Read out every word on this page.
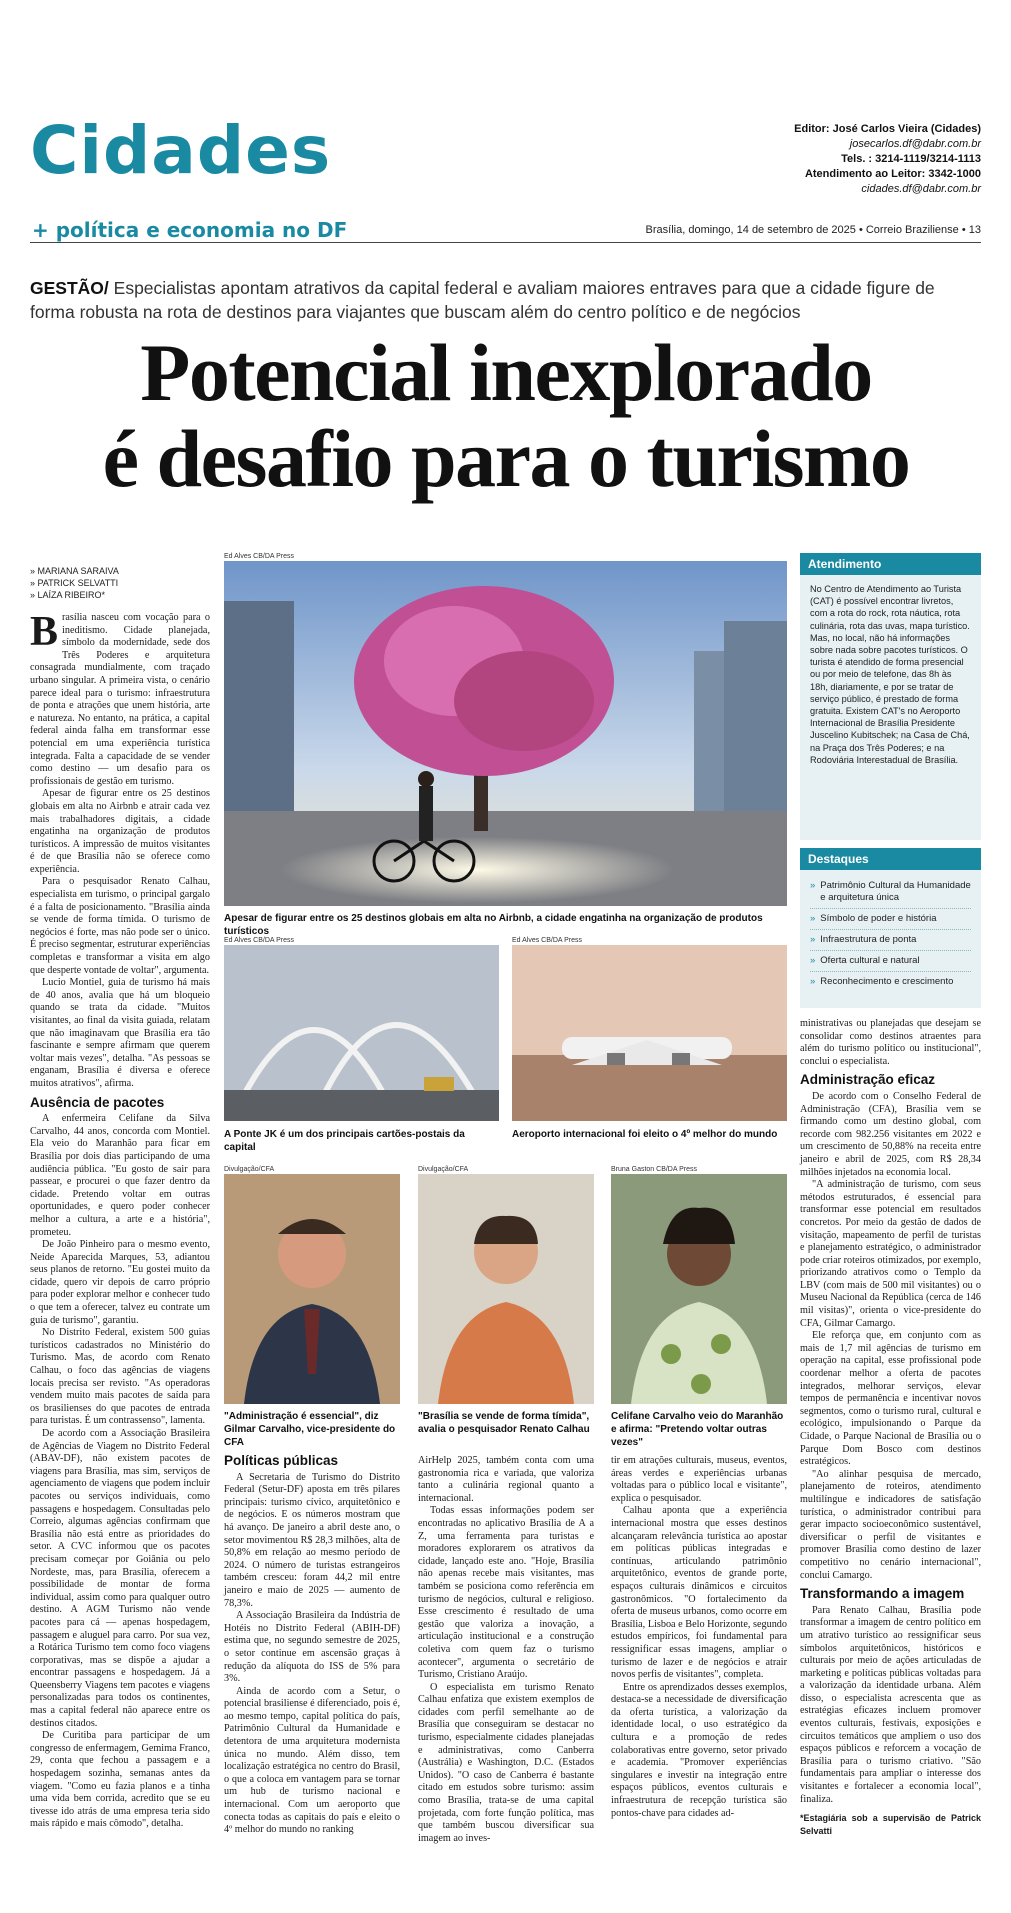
Cidades
+ política e economia no DF
Editor: José Carlos Vieira (Cidades)
josecarlos.df@dabr.com.br
Tels. : 3214-1119/3214-1113
Atendimento ao Leitor: 3342-1000
cidades.df@dabr.com.br
Brasília, domingo, 14 de setembro de 2025 • Correio Braziliense • 13
GESTÃO/ Especialistas apontam atrativos da capital federal e avaliam maiores entraves para que a cidade figure de forma robusta na rota de destinos para viajantes que buscam além do centro político e de negócios
Potencial inexplorado
é desafio para o turismo
» MARIANA SARAIVA
» PATRICK SELVATTI
» LAÍZA RIBEIRO*

Brasília nasceu com vocação para o ineditismo. Cidade planejada, símbolo da modernidade, sede dos Três Poderes e arquitetura consagrada mundialmente, com traçado urbano singular. A primeira vista, o cenário parece ideal para o turismo: infraestrutura de ponta e atrações que unem história, arte e natureza. No entanto, na prática, a capital federal ainda falha em transformar esse potencial em uma experiência turística integrada. Falta a capacidade de se vender como destino — um desafio para os profissionais de gestão em turismo.

Apesar de figurar entre os 25 destinos globais em alta no Airbnb e atrair cada vez mais trabalhadores digitais, a cidade engatinha na organização de produtos turísticos. A impressão de muitos visitantes é de que Brasília não se oferece como experiência.

Para o pesquisador Renato Calhau, especialista em turismo, o principal gargalo é a falta de posicionamento. "Brasília ainda se vende de forma tímida. O turismo de negócios é forte, mas não pode ser o único. É preciso segmentar, estruturar experiências completas e transformar a visita em algo que desperte vontade de voltar", argumenta.

Lucio Montiel, guia de turismo há mais de 40 anos, avalia que há um bloqueio quando se trata da cidade. "Muitos visitantes, ao final da visita guiada, relatam que não imaginavam que Brasília era tão fascinante e sempre afirmam que querem voltar mais vezes", detalha. "As pessoas se enganam, Brasília é diversa e oferece muitos atrativos", afirma.

Ausência de pacotes

A enfermeira Celifane da Silva Carvalho, 44 anos, concorda com Montiel. Ela veio do Maranhão para ficar em Brasília por dois dias participando de uma audiência pública. "Eu gosto de sair para passear, e procurei o que fazer dentro da cidade. Pretendo voltar em outras oportunidades, e quero poder conhecer melhor a cultura, a arte e a história", prometeu.

De João Pinheiro para o mesmo evento, Neide Aparecida Marques, 53, adiantou seus planos de retorno. "Eu gostei muito da cidade, quero vir depois de carro próprio para poder explorar melhor e conhecer tudo o que tem a oferecer, talvez eu contrate um guia de turismo", garantiu.

No Distrito Federal, existem 500 guias turísticos cadastrados no Ministério do Turismo. Mas, de acordo com Renato Calhau, o foco das agências de viagens locais precisa ser revisto. "As operadoras vendem muito mais pacotes de saída para os brasilienses do que pacotes de entrada para turistas. É um contrassenso", lamenta.

De acordo com a Associação Brasileira de Agências de Viagem no Distrito Federal (ABAV-DF), não existem pacotes de viagens para Brasília, mas sim, serviços de agenciamento de viagens que podem incluir pacotes ou serviços individuais, como passagens e hospedagem. Consultadas pelo Correio, algumas agências confirmam que Brasília não está entre as prioridades do setor. A CVC informou que os pacotes precisam começar por Goiânia ou pelo Nordeste, mas, para Brasília, oferecem a possibilidade de montar de forma individual, assim como para qualquer outro destino. A AGM Turismo não vende pacotes para cá — apenas hospedagem, passagem e aluguel para carro. Por sua vez, a Rotárica Turismo tem como foco viagens corporativas, mas se dispõe a ajudar a encontrar passagens e hospedagem. Já a Queensberry Viagens tem pacotes e viagens personalizadas para todos os continentes, mas a capital federal não aparece entre os destinos citados.

De Curitiba para participar de um congresso de enfermagem, Gemima Franco, 29, conta que fechou a passagem e a hospedagem sozinha, semanas antes da viagem. "Como eu fazia planos e a tinha uma vida bem corrida, acredito que se eu tivesse ido atrás de uma empresa teria sido mais rápido e mais cômodo", detalha.

Ed Alves CB/DA Press
Apesar de figurar entre os 25 destinos globais em alta no Airbnb, a cidade engatinha na organização de produtos turísticos
Ed Alves CB/DA Press
A Ponte JK é um dos principais cartões-postais da capital
Ed Alves CB/DA Press
Aeroporto internacional foi eleito o 4º melhor do mundo
Divulgação/CFA
"Administração é essencial", diz Gilmar Carvalho, vice-presidente do CFA
Divulgação/CFA
"Brasília se vende de forma tímida", avalia o pesquisador Renato Calhau
Bruna Gaston CB/DA Press
Celifane Carvalho veio do Maranhão e afirma: "Pretendo voltar outras vezes"
Políticas públicas

A Secretaria de Turismo do Distrito Federal (Setur-DF) aposta em três pilares principais: turismo cívico, arquitetônico e de negócios. E os números mostram que há avanço. De janeiro a abril deste ano, o setor movimentou R$ 28,3 milhões, alta de 50,8% em relação ao mesmo período de 2024. O número de turistas estrangeiros também cresceu: foram 44,2 mil entre janeiro e maio de 2025 — aumento de 78,3%.

A Associação Brasileira da Indústria de Hotéis no Distrito Federal (ABIH-DF) estima que, no segundo semestre de 2025, o setor continue em ascensão graças à redução da alíquota do ISS de 5% para 3%.

Ainda de acordo com a Setur, o potencial brasiliense é diferenciado, pois é, ao mesmo tempo, capital política do país, Patrimônio Cultural da Humanidade e detentora de uma arquitetura modernista única no mundo. Além disso, tem localização estratégica no centro do Brasil, o que a coloca em vantagem para se tornar um hub de turismo nacional e internacional. Com um aeroporto que conecta todas as capitais do país e eleito o 4º melhor do mundo no ranking

AirHelp 2025, também conta com uma gastronomia rica e variada, que valoriza tanto a culinária regional quanto a internacional.

Todas essas informações podem ser encontradas no aplicativo Brasília de A a Z, uma ferramenta para turistas e moradores explorarem os atrativos da cidade, lançado este ano. "Hoje, Brasília não apenas recebe mais visitantes, mas também se posiciona como referência em turismo de negócios, cultural e religioso. Esse crescimento é resultado de uma gestão que valoriza a inovação, a articulação institucional e a construção coletiva com quem faz o turismo acontecer", argumenta o secretário de Turismo, Cristiano Araújo.

O especialista em turismo Renato Calhau enfatiza que existem exemplos de cidades com perfil semelhante ao de Brasília que conseguiram se destacar no turismo, especialmente cidades planejadas e administrativas, como Canberra (Austrália) e Washington, D.C. (Estados Unidos). "O caso de Canberra é bastante citado em estudos sobre turismo: assim como Brasília, trata-se de uma capital projetada, com forte função política, mas que também buscou diversificar sua imagem ao inves-

tir em atrações culturais, museus, eventos, áreas verdes e experiências urbanas voltadas para o público local e visitante", explica o pesquisador.

Calhau aponta que a experiência internacional mostra que esses destinos alcançaram relevância turística ao apostar em políticas públicas integradas e contínuas, articulando patrimônio arquitetônico, eventos de grande porte, espaços culturais dinâmicos e circuitos gastronômicos. "O fortalecimento da oferta de museus urbanos, como ocorre em Brasília, Lisboa e Belo Horizonte, segundo estudos empíricos, foi fundamental para ressignificar essas imagens, ampliar o turismo de lazer e de negócios e atrair novos perfis de visitantes", completa.

Entre os aprendizados desses exemplos, destaca-se a necessidade de diversificação da oferta turística, a valorização da identidade local, o uso estratégico da cultura e a promoção de redes colaborativas entre governo, setor privado e academia. "Promover experiências singulares e investir na integração entre espaços públicos, eventos culturais e infraestrutura de recepção turística são pontos-chave para cidades ad-

Atendimento
No Centro de Atendimento ao Turista (CAT) é possível encontrar livretos, com a rota do rock, rota náutica, rota culinária, rota das uvas, mapa turístico. Mas, no local, não há informações sobre nada sobre pacotes turísticos. O turista é atendido de forma presencial ou por meio de telefone, das 8h às 18h, diariamente, e por se tratar de serviço público, é prestado de forma gratuita. Existem CAT's no Aeroporto Internacional de Brasília Presidente Juscelino Kubitschek; na Casa de Chá, na Praça dos Três Poderes; e na Rodoviária Interestadual de Brasília.
Destaques
» Patrimônio Cultural da Humanidade e arquitetura única
» Símbolo de poder e história
» Infraestrutura de ponta
» Oferta cultural e natural
» Reconhecimento e crescimento

ministrativas ou planejadas que desejam se consolidar como destinos atraentes para além do turismo político ou institucional", conclui o especialista.

Administração eficaz

De acordo com o Conselho Federal de Administração (CFA), Brasília vem se firmando como um destino global, com recorde com 982.256 visitantes em 2022 e um crescimento de 50,88% na receita entre janeiro e abril de 2025, com R$ 28,34 milhões injetados na economia local.

"A administração de turismo, com seus métodos estruturados, é essencial para transformar esse potencial em resultados concretos. Por meio da gestão de dados de visitação, mapeamento de perfil de turistas e planejamento estratégico, o administrador pode criar roteiros otimizados, por exemplo, priorizando atrativos como o Templo da LBV (com mais de 500 mil visitantes) ou o Museu Nacional da República (cerca de 146 mil visitas)", orienta o vice-presidente do CFA, Gilmar Camargo.

Ele reforça que, em conjunto com as mais de 1,7 mil agências de turismo em operação na capital, esse profissional pode coordenar melhor a oferta de pacotes integrados, melhorar serviços, elevar tempos de permanência e incentivar novos segmentos, como o turismo rural, cultural e ecológico, impulsionando o Parque da Cidade, o Parque Nacional de Brasília ou o Parque Dom Bosco com destinos estratégicos.

"Ao alinhar pesquisa de mercado, planejamento de roteiros, atendimento multilíngue e indicadores de satisfação turística, o administrador contribui para gerar impacto socioeconômico sustentável, diversificar o perfil de visitantes e promover Brasília como destino de lazer competitivo no cenário internacional", conclui Camargo.

Transformando a imagem

Para Renato Calhau, Brasília pode transformar a imagem de centro político em um atrativo turístico ao ressignificar seus símbolos arquitetônicos, históricos e culturais por meio de ações articuladas de marketing e políticas públicas voltadas para a valorização da identidade urbana. Além disso, o especialista acrescenta que as estratégias eficazes incluem promover eventos culturais, festivais, exposições e circuitos temáticos que ampliem o uso dos espaços públicos e reforcem a vocação de Brasília para o turismo criativo. "São fundamentais para ampliar o interesse dos visitantes e fortalecer a economia local", finaliza.

*Estagiária sob a supervisão de Patrick Selvatti
